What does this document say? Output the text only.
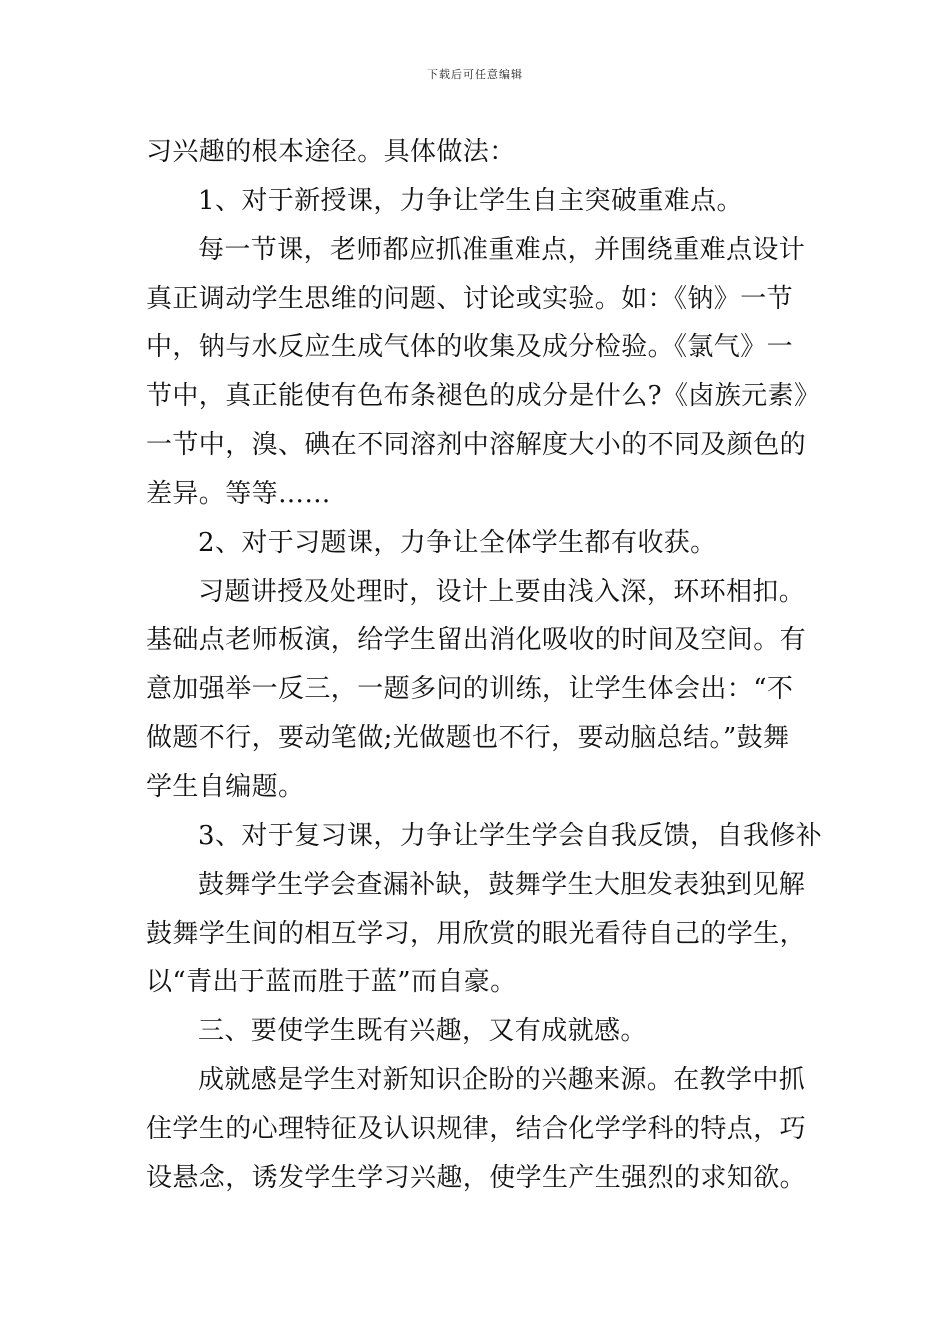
下载后可任意编辑
习兴趣的根本途径。具体做法：
1、对于新授课，力争让学生自主突破重难点。
每一节课，老师都应抓准重难点，并围绕重难点设计
真正调动学生思维的问题、讨论或实验。如：《钠》一节
中，钠与水反应生成气体的收集及成分检验。《氯气》一
节中，真正能使有色布条褪色的成分是什么?《卤族元素》
一节中，溴、碘在不同溶剂中溶解度大小的不同及颜色的
差异。等等……
2、对于习题课，力争让全体学生都有收获。
习题讲授及处理时，设计上要由浅入深，环环相扣。
基础点老师板演，给学生留出消化吸收的时间及空间。有
意加强举一反三，一题多问的训练，让学生体会出：“不
做题不行，要动笔做;光做题也不行，要动脑总结。”鼓舞
学生自编题。
3、对于复习课，力争让学生学会自我反馈，自我修补
鼓舞学生学会查漏补缺，鼓舞学生大胆发表独到见解
鼓舞学生间的相互学习，用欣赏的眼光看待自己的学生，
以“青出于蓝而胜于蓝”而自豪。
三、要使学生既有兴趣，又有成就感。
成就感是学生对新知识企盼的兴趣来源。在教学中抓
住学生的心理特征及认识规律，结合化学学科的特点，巧
设悬念，诱发学生学习兴趣，使学生产生强烈的求知欲。
